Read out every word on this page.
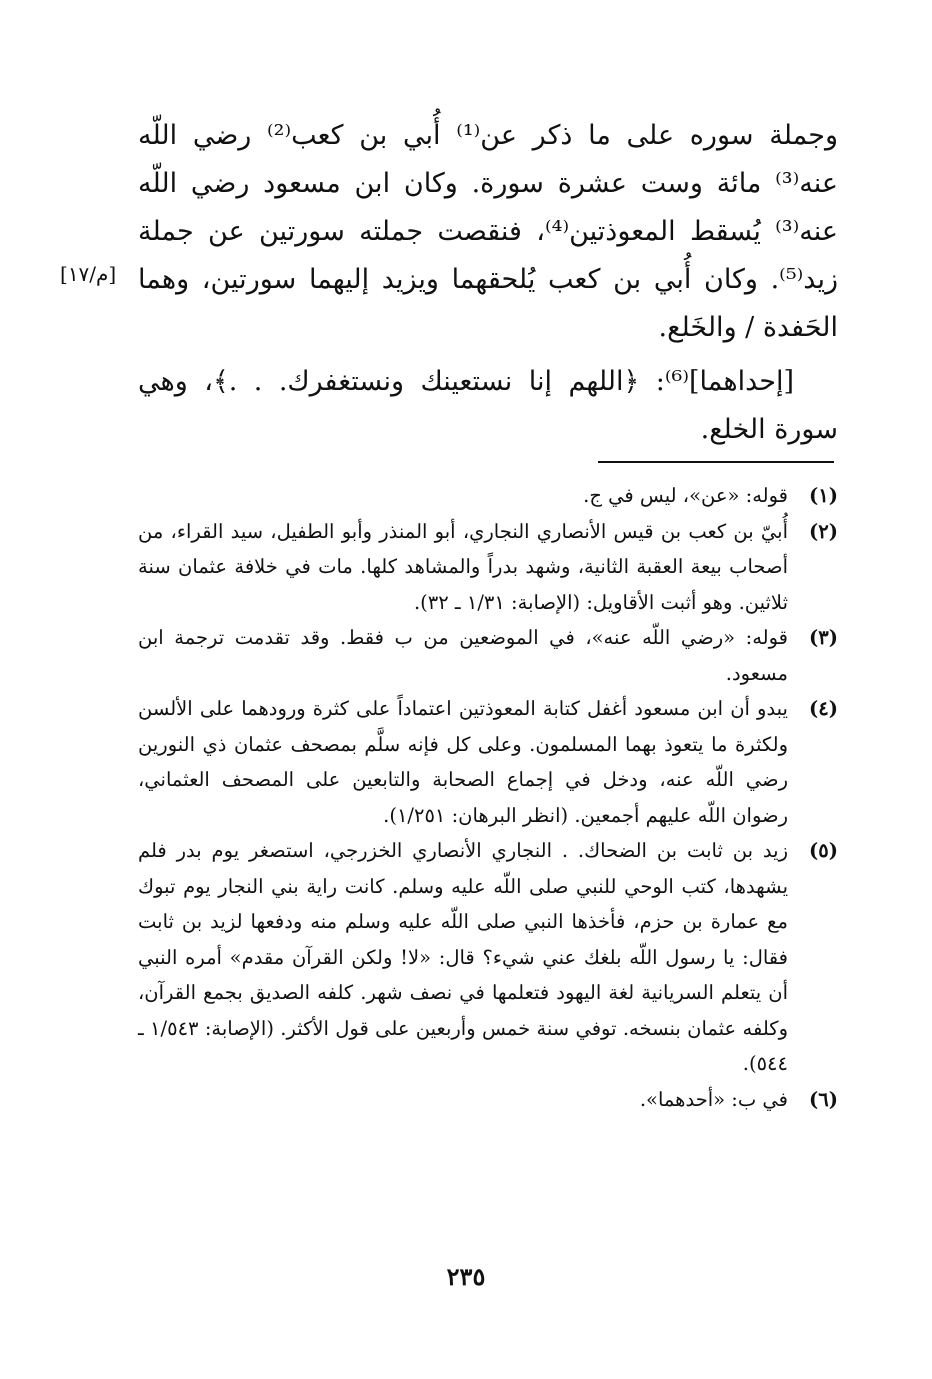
وجملة سوره على ما ذكر عن⁽¹⁾ أُبي بن كعب⁽²⁾ رضي اللّه عنه⁽³⁾ مائة وست عشرة سورة. وكان ابن مسعود رضي اللّه عنه⁽³⁾ يُسقط المعوذتين⁽⁴⁾، فنقصت جملته سورتين عن جملة زيد⁽⁵⁾. وكان أُبي بن كعب يُلحقهما ويزيد إليهما سورتين، وهما الحَفدة / والخَلع.

[إحداهما]⁽⁶⁾: ﴿اللهم إنا نستعينك ونستغفرك. . .﴾، وهي سورة الخلع.

[م/١٧]
(١)
قوله: «عن»، ليس في ج.
(٢)
أُبيّ بن كعب بن قيس الأنصاري النجاري، أبو المنذر وأبو الطفيل، سيد القراء، من أصحاب بيعة العقبة الثانية، وشهد بدراً والمشاهد كلها. مات في خلافة عثمان سنة ثلاثين. وهو أثبت الأقاويل: (الإصابة: ١/٣١ ـ ٣٢).
(٣)
قوله: «رضي اللّه عنه»، في الموضعين من ب فقط. وقد تقدمت ترجمة ابن مسعود.
(٤)
يبدو أن ابن مسعود أغفل كتابة المعوذتين اعتماداً على كثرة ورودهما على الألسن ولكثرة ما يتعوذ بهما المسلمون. وعلى كل فإنه سلَّم بمصحف عثمان ذي النورين رضي اللّه عنه، ودخل في إجماع الصحابة والتابعين على المصحف العثماني، رضوان اللّه عليهم أجمعين. (انظر البرهان: ١/٢٥١).
(٥)
زيد بن ثابت بن الضحاك. . النجاري الأنصاري الخزرجي، استصغر يوم بدر فلم يشهدها، كتب الوحي للنبي صلى اللّه عليه وسلم. كانت راية بني النجار يوم تبوك مع عمارة بن حزم، فأخذها النبي صلى اللّه عليه وسلم منه ودفعها لزيد بن ثابت فقال: يا رسول اللّه بلغك عني شيء؟ قال: «لا! ولكن القرآن مقدم» أمره النبي أن يتعلم السريانية لغة اليهود فتعلمها في نصف شهر. كلفه الصديق بجمع القرآن، وكلفه عثمان بنسخه. توفي سنة خمس وأربعين على قول الأكثر. (الإصابة: ١/٥٤٣ ـ ٥٤٤).
(٦)
في ب: «أحدهما».
٢٣٥
